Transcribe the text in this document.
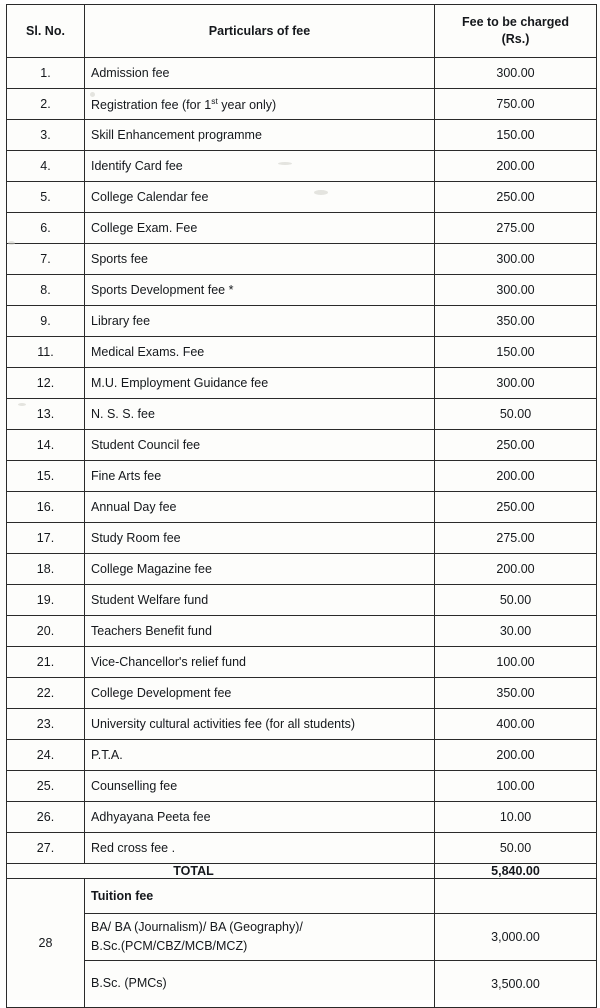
Sl. No.	Particulars of fee	Fee to be charged
(Rs.)
1.	Admission fee	300.00
2.	Registration fee (for 1st year only)	750.00
3.	Skill Enhancement programme	150.00
4.	Identify Card fee	200.00
5.	College Calendar fee	250.00
6.	College Exam. Fee	275.00
7.	Sports fee	300.00
8.	Sports Development fee *	300.00
9.	Library fee	350.00
11.	Medical Exams. Fee	150.00
12.	M.U. Employment Guidance fee	300.00
13.	N. S. S. fee	50.00
14.	Student Council fee	250.00
15.	Fine Arts fee	200.00
16.	Annual Day fee	250.00
17.	Study Room fee	275.00
18.	College Magazine fee	200.00
19.	Student Welfare fund	50.00
20.	Teachers Benefit fund	30.00
21.	Vice-Chancellor's relief fund	100.00
22.	College Development fee	350.00
23.	University cultural activities fee (for all students)	400.00
24.	P.T.A.	200.00
25.	Counselling fee	100.00
26.	Adhyayana Peeta fee	10.00
27.	Red cross fee .	50.00
TOTAL		5,840.00
28	Tuition fee	
	BA/ BA (Journalism)/ BA (Geography)/
B.Sc.(PCM/CBZ/MCB/MCZ)	3,000.00
	B.Sc. (PMCs)	3,500.00
